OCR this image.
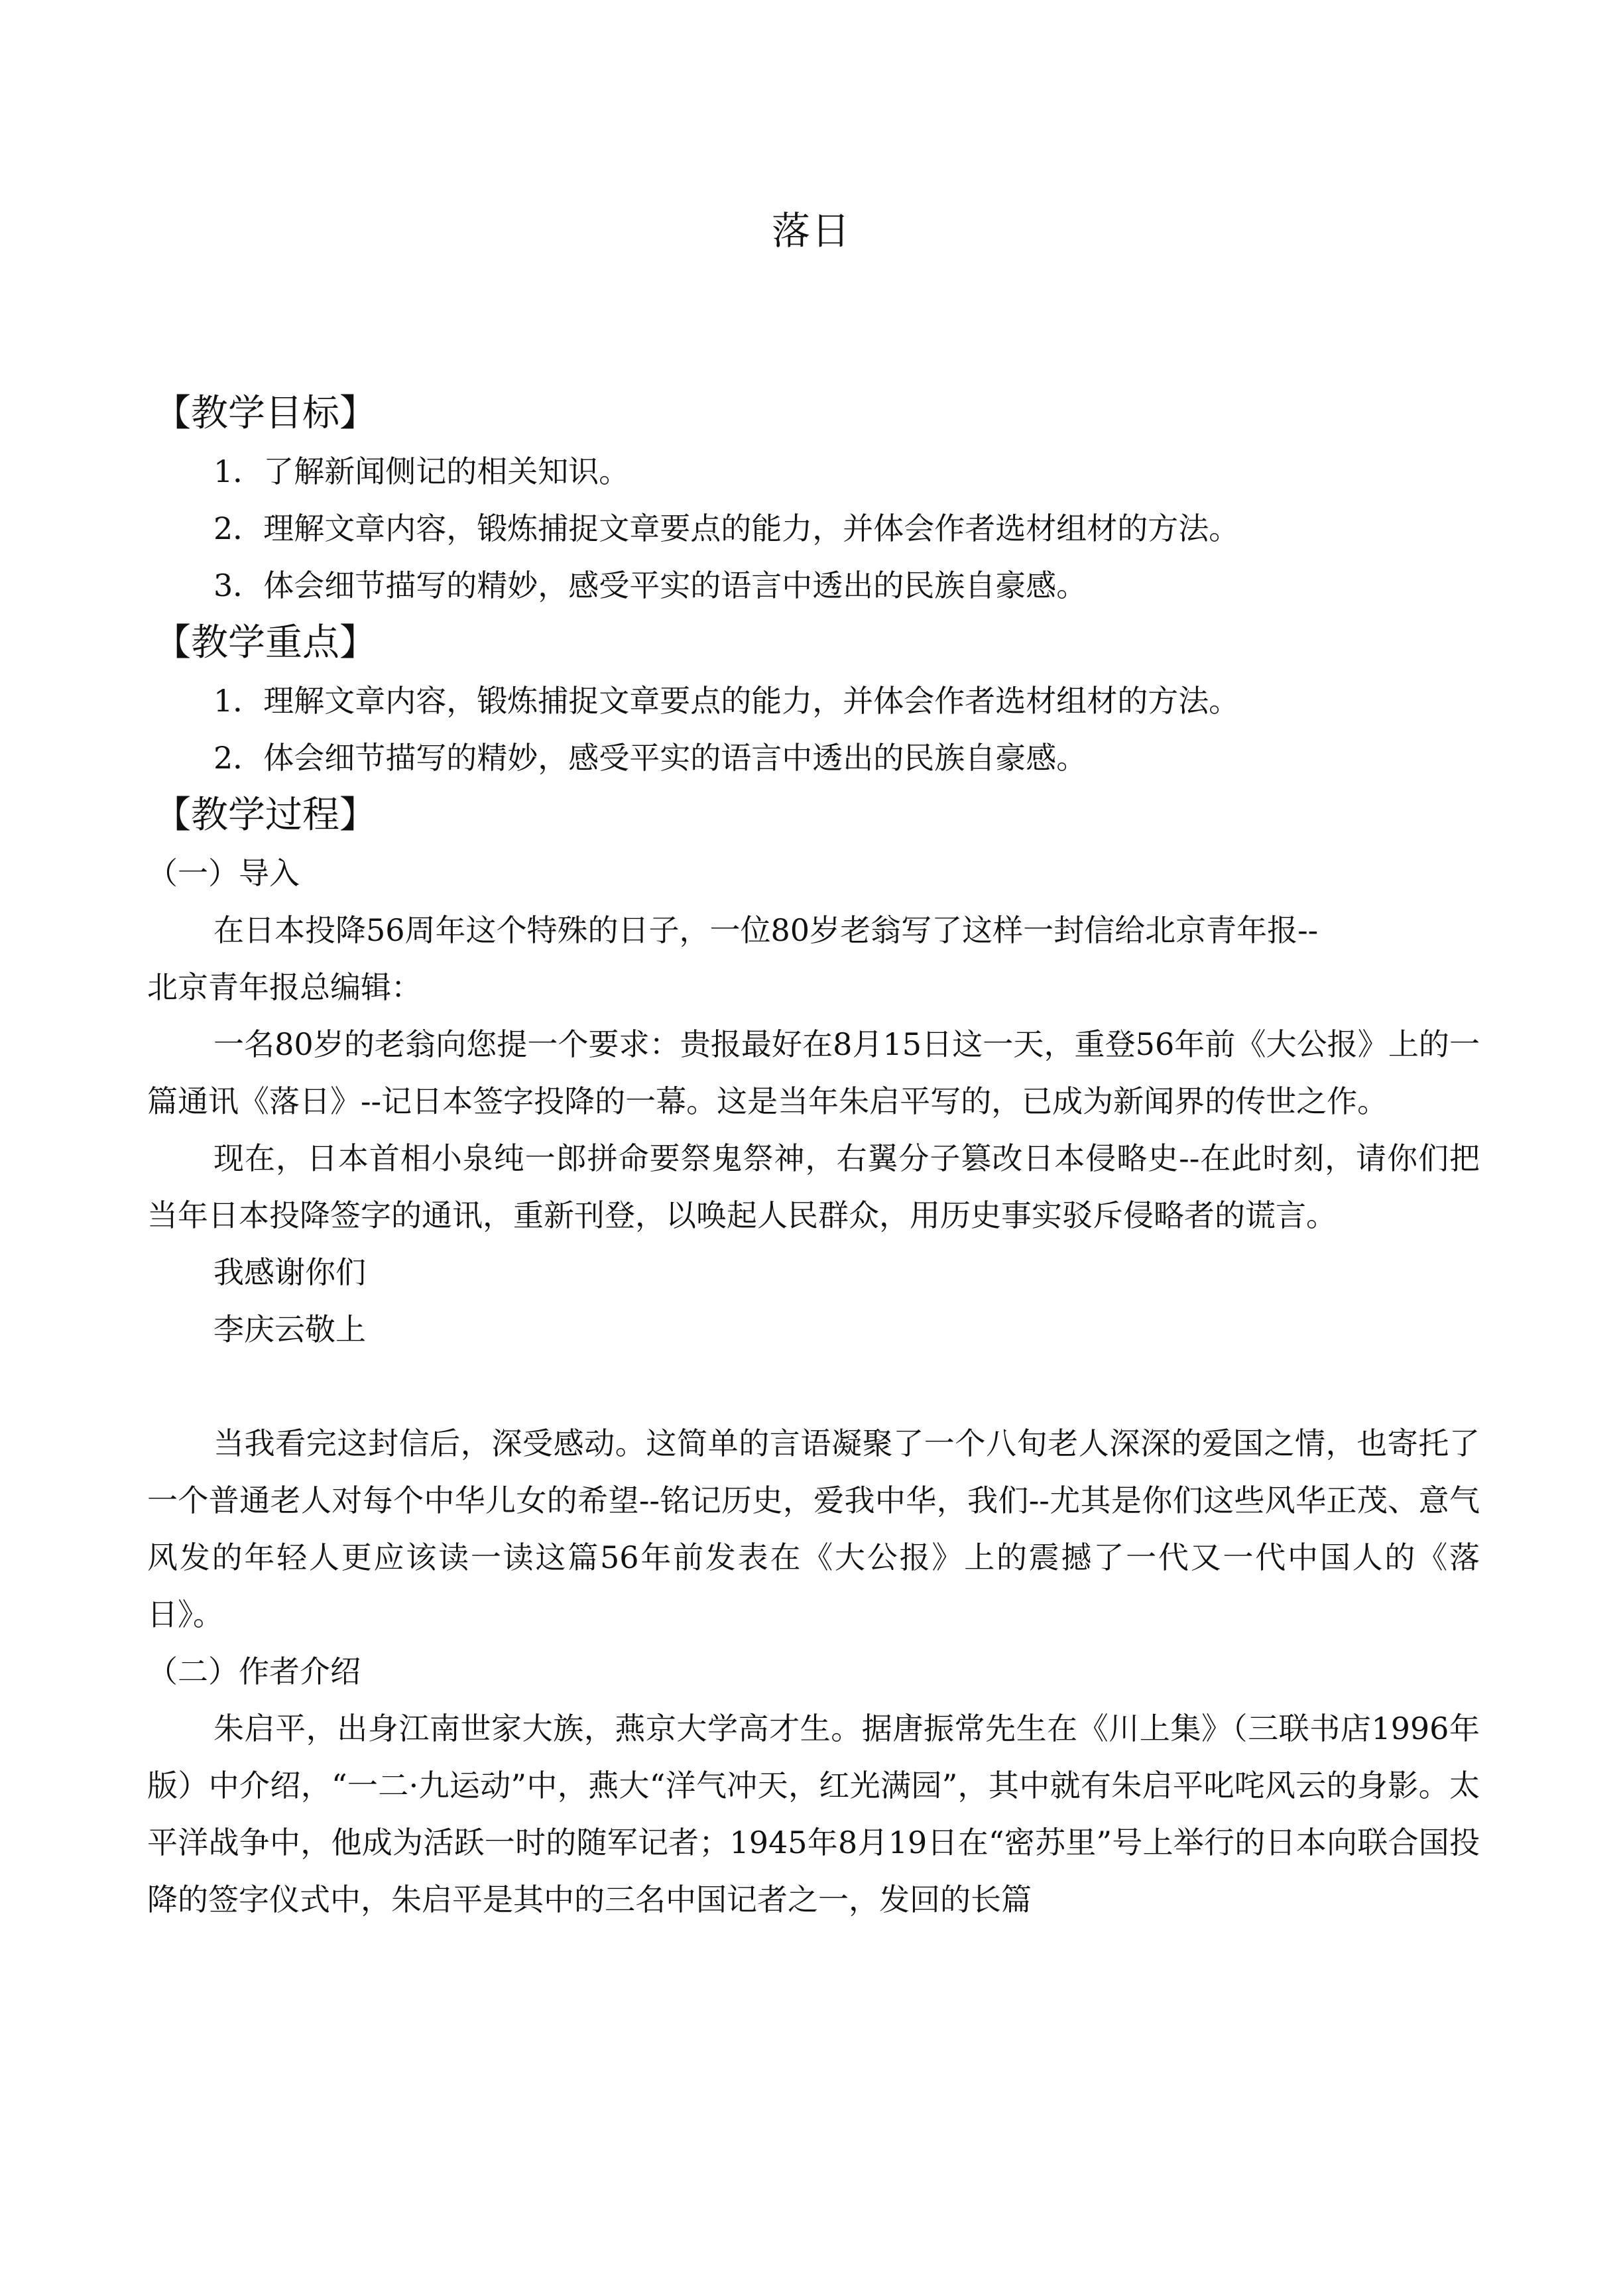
落日
【教学目标】
1．了解新闻侧记的相关知识。
2．理解文章内容，锻炼捕捉文章要点的能力，并体会作者选材组材的方法。
3．体会细节描写的精妙，感受平实的语言中透出的民族自豪感。
【教学重点】
1．理解文章内容，锻炼捕捉文章要点的能力，并体会作者选材组材的方法。
2．体会细节描写的精妙，感受平实的语言中透出的民族自豪感。
【教学过程】
（一）导入
在日本投降56周年这个特殊的日子，一位80岁老翁写了这样一封信给北京青年报--
北京青年报总编辑：

一名80岁的老翁向您提一个要求：贵报最好在8月15日这一天，重登56年前《大公报》上的一篇通讯《落日》--记日本签字投降的一幕。这是当年朱启平写的，已成为新闻界的传世之作。

现在，日本首相小泉纯一郎拼命要祭鬼祭神，右翼分子篡改日本侵略史--在此时刻，请你们把当年日本投降签字的通讯，重新刊登，以唤起人民群众，用历史事实驳斥侵略者的谎言。

我感谢你们
李庆云敬上

当我看完这封信后，深受感动。这简单的言语凝聚了一个八旬老人深深的爱国之情，也寄托了一个普通老人对每个中华儿女的希望--铭记历史，爱我中华，我们--尤其是你们这些风华正茂、意气风发的年轻人更应该读一读这篇56年前发表在《大公报》上的震撼了一代又一代中国人的《落日》。

（二）作者介绍

朱启平，出身江南世家大族，燕京大学高才生。据唐振常先生在《川上集》（三联书店1996年版）中介绍，“一二·九运动”中，燕大“洋气冲天，红光满园”，其中就有朱启平叱咤风云的身影。太平洋战争中，他成为活跃一时的随军记者；1945年8月19日在“密苏里”号上举行的日本向联合国投降的签字仪式中，朱启平是其中的三名中国记者之一，发回的长篇
